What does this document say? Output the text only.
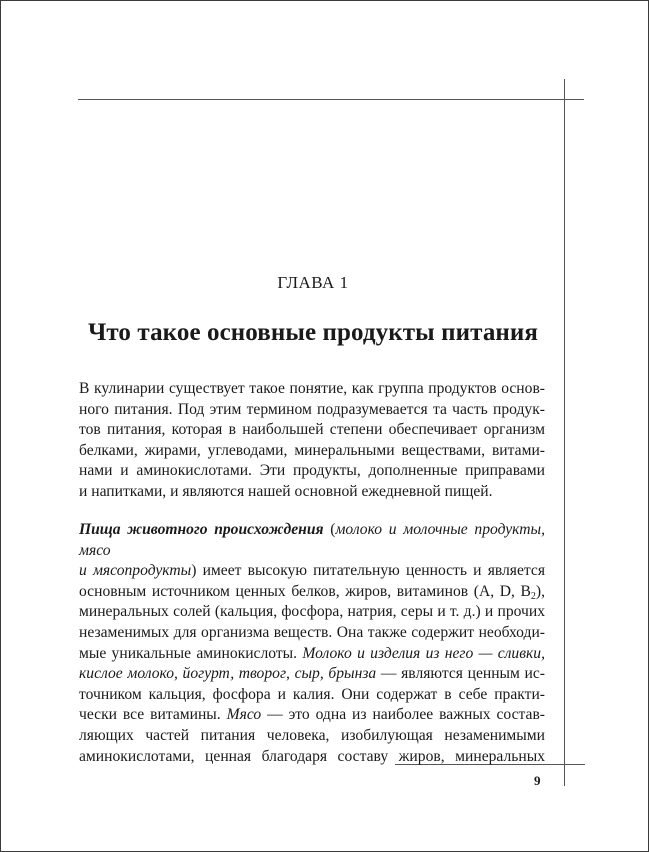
ГЛАВА 1
Что такое основные продукты питания
В кулинарии существует такое понятие, как группа продуктов основ-
ного питания. Под этим термином подразумевается та часть продук-
тов питания, которая в наибольшей степени обеспечивает организм
белками, жирами, углеводами, минеральными веществами, витами-
нами и аминокислотами. Эти продукты, дополненные приправами
и напитками, и являются нашей основной ежедневной пищей.
Пища животного происхождения (молоко и молочные продукты, мясо
и мясопродукты) имеет высокую питательную ценность и является
основным источником ценных белков, жиров, витаминов (A, D, $B_2$),
минеральных солей (кальция, фосфора, натрия, серы и т. д.) и прочих
незаменимых для организма веществ. Она также содержит необходи-
мые уникальные аминокислоты. Молоко и изделия из него — сливки,
кислое молоко, йогурт, творог, сыр, брынза — являются ценным ис-
точником кальция, фосфора и калия. Они содержат в себе практи-
чески все витамины. Мясо — это одна из наиболее важных состав-
ляющих частей питания человека, изобилующая незаменимыми
аминокислотами, ценная благодаря составу жиров, минеральных
9
